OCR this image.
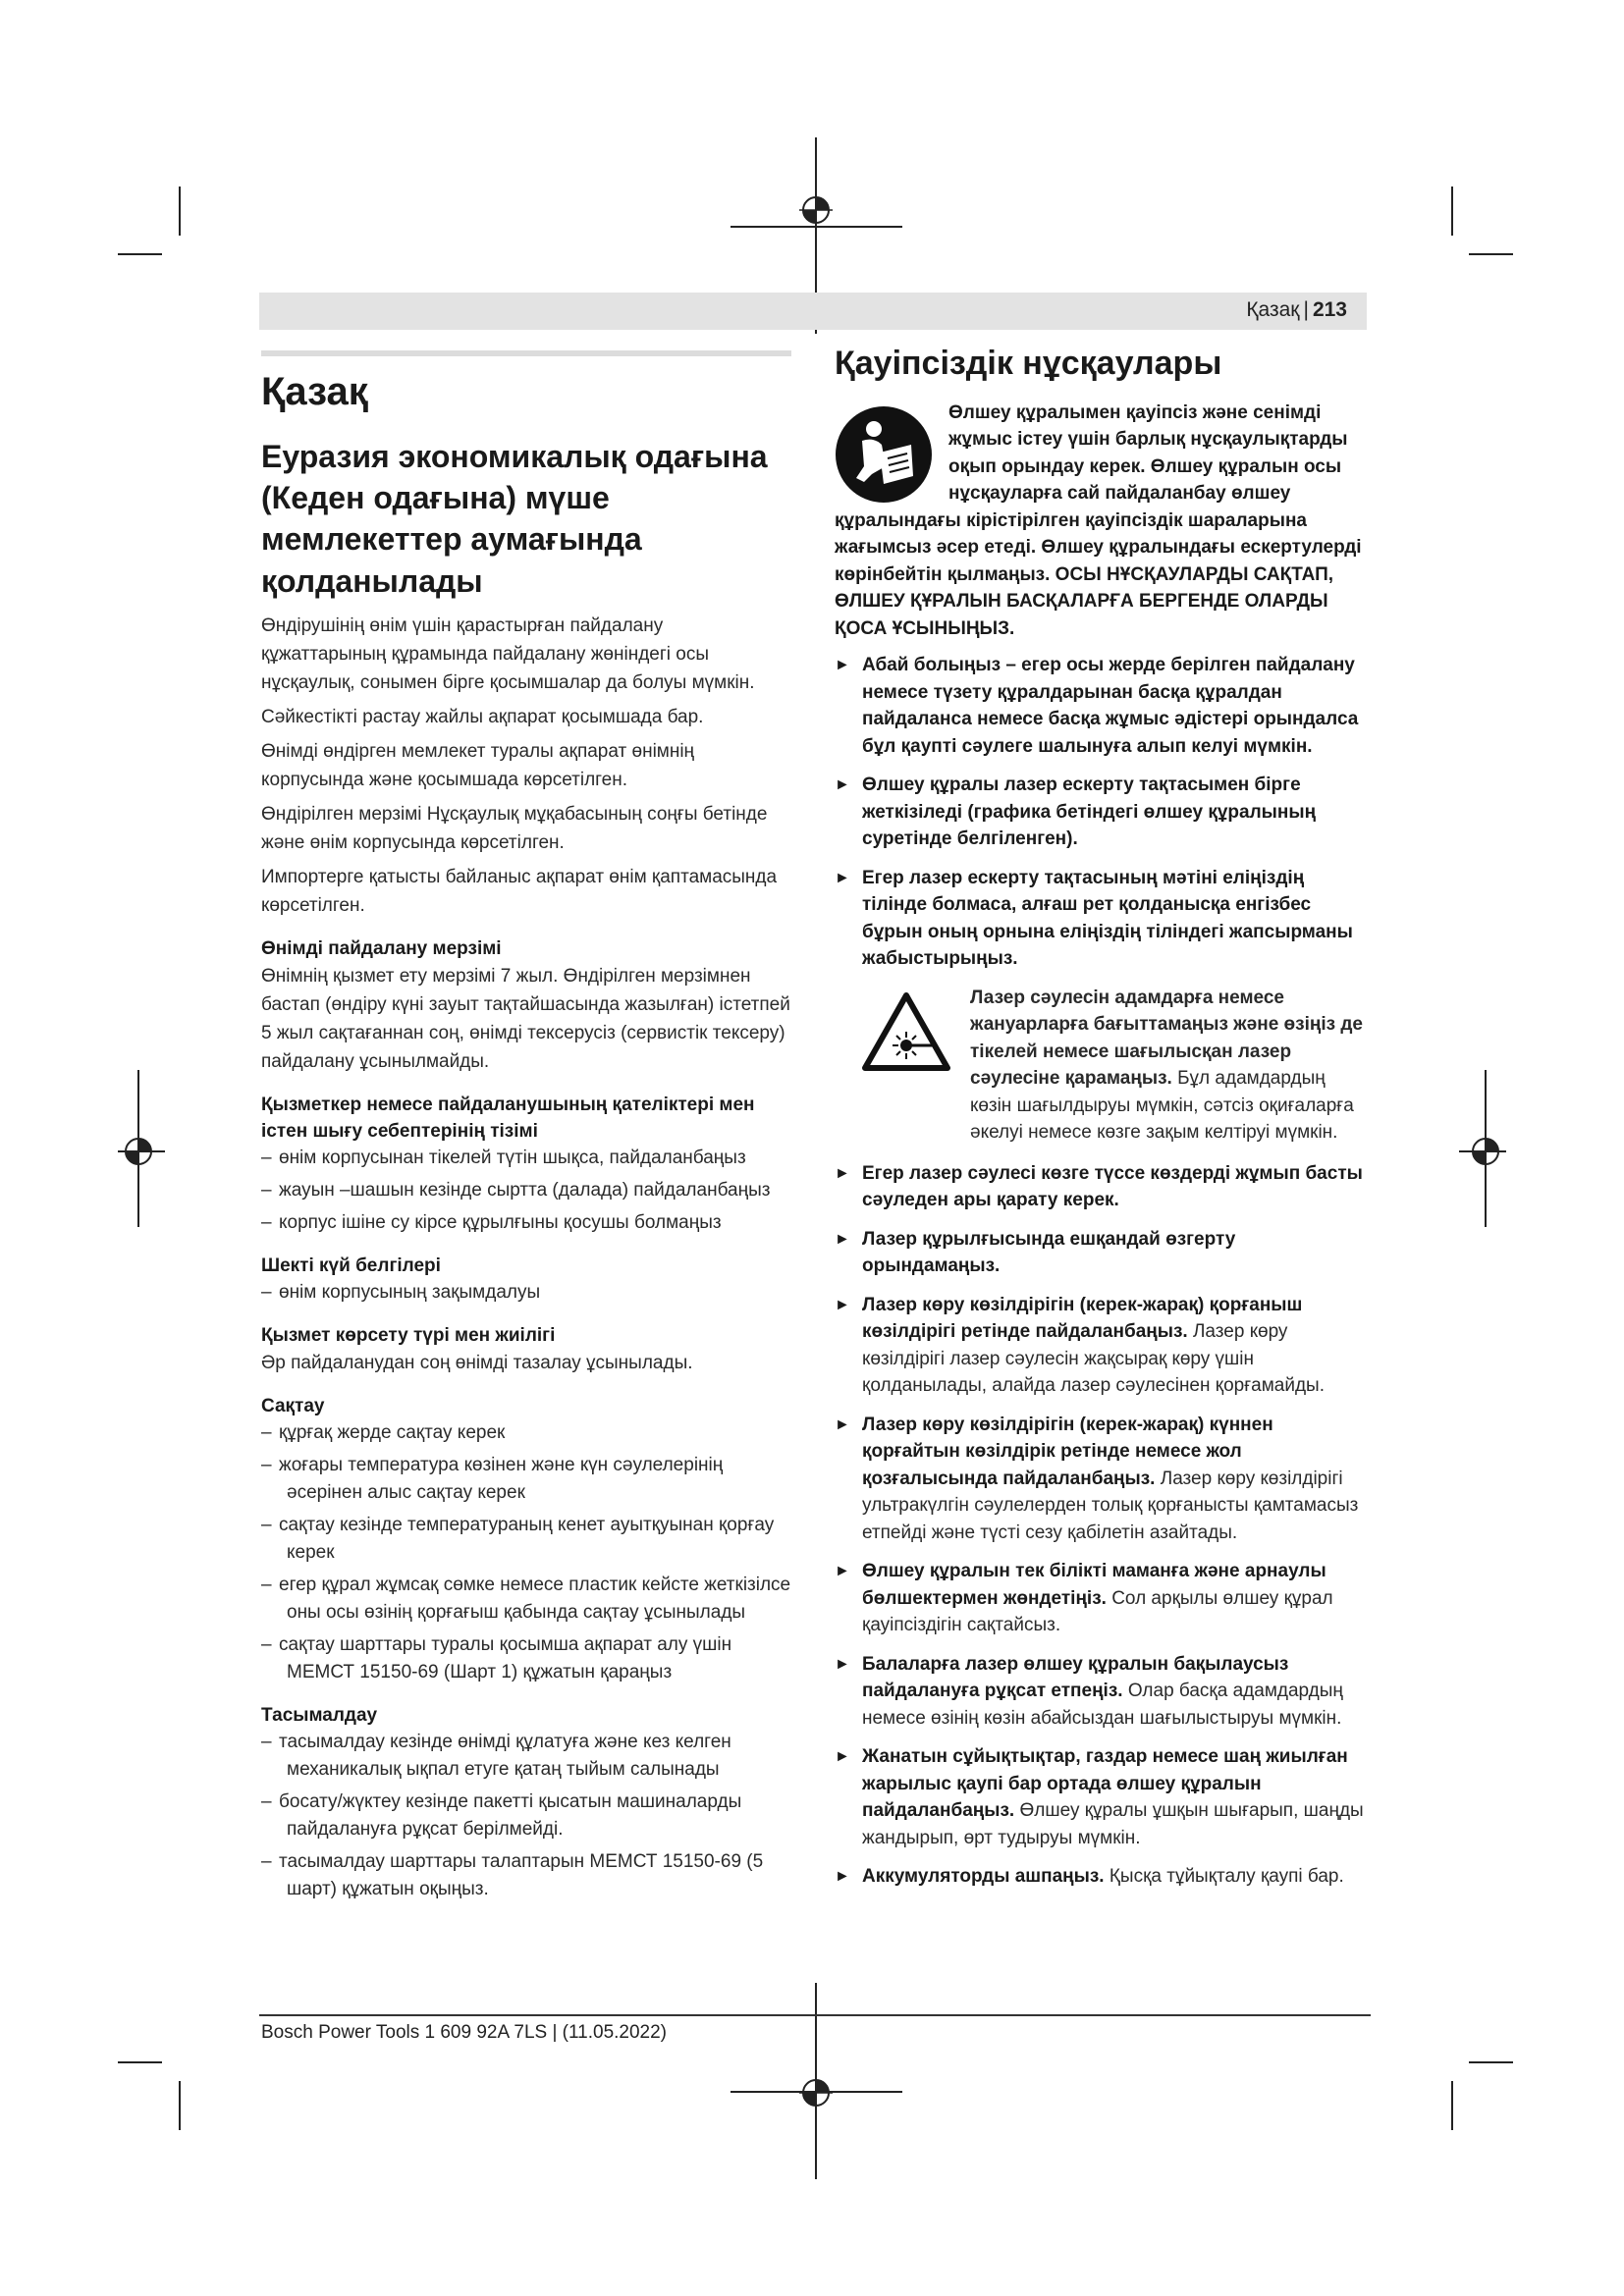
Қазақ | 213
Қазақ
Еуразия экономикалық одағына (Кеден одағына) мүше мемлекеттер аумағында қолданылады

Өндірушінің өнім үшін қарастырған пайдалану құжаттарының құрамында пайдалану жөніндегі осы нұсқаулық, сонымен бірге қосымшалар да болуы мүмкін.

Сәйкестікті растау жайлы ақпарат қосымшада бар.

Өнімді өндірген мемлекет туралы ақпарат өнімнің корпусында және қосымшада көрсетілген.

Өндірілген мерзімі Нұсқаулық мұқабасының соңғы бетінде және өнім корпусында көрсетілген.

Импортерге қатысты байланыс ақпарат өнім қаптамасында көрсетілген.

Өнімді пайдалану мерзімі

Өнімнің қызмет ету мерзімі 7 жыл. Өндірілген мерзімнен бастап (өндіру күні зауыт тақтайшасында жазылған) істетпей 5 жыл сақтағаннан соң, өнімді тексерусіз (сервистік тексеру) пайдалану ұсынылмайды.

Қызметкер немесе пайдаланушының қателіктері мен істен шығу себептерінің тізімі
– өнім корпусынан тікелей түтін шықса, пайдаланбаңыз
– жауын –шашын кезінде сыртта (далада) пайдаланбаңыз
– корпус ішіне су кірсе құрылғыны қосушы болмаңыз
Шекті күй белгілері
– өнім корпусының зақымдалуы
Қызмет көрсету түрі мен жиілігі

Әр пайдаланудан соң өнімді тазалау ұсынылады.

Сақтау
– құрғақ жерде сақтау керек
– жоғары температура көзінен және күн сәулелерінің әсерінен алыс сақтау керек
– сақтау кезінде температураның кенет ауытқуынан қорғау керек
– егер құрал жұмсақ сөмке немесе пластик кейсте жеткізілсе оны осы өзінің қорғағыш қабында сақтау ұсынылады
– сақтау шарттары туралы қосымша ақпарат алу үшін МЕМСТ 15150-69 (Шарт 1) құжатын қараңыз
Тасымалдау
– тасымалдау кезінде өнімді құлатуға және кез келген механикалық ықпал етуге қатаң тыйым салынады
– босату/жүктеу кезінде пакетті қысатын машиналарды пайдалануға рұқсат берілмейді.
– тасымалдау шарттары талаптарын МЕМСТ 15150-69 (5 шарт) құжатын оқыңыз.
Қауіпсіздік нұсқаулары

Өлшеу құралымен қауіпсіз және сенімді жұмыс істеу үшін барлық нұсқаулықтарды оқып орындау керек. Өлшеу құралын осы нұсқауларға сай пайдаланбау өлшеу құралындағы кірістірілген қауіпсіздік шараларына жағымсыз әсер етеді. Өлшеу құралындағы ескертулерді көрінбейтін қылмаңыз. ОСЫ НҰСҚАУЛАРДЫ САҚТАП, ӨЛШЕУ ҚҰРАЛЫН БАСҚАЛАРҒА БЕРГЕНДЕ ОЛАРДЫ ҚОСА ҰСЫНЫҢЫЗ.

► Абай болыңыз – егер осы жерде берілген пайдалану немесе түзету құралдарынан басқа құралдан пайдаланса немесе басқа жұмыс әдістері орындалса бұл қаупті сәулеге шалынуға алып келуі мүмкін.
► Өлшеу құралы лазер ескерту тақтасымен бірге жеткізіледі (графика бетіндегі өлшеу құралының суретінде белгіленген).
► Егер лазер ескерту тақтасының мәтіні еліңіздің тілінде болмаса, алғаш рет қолданысқа енгізбес бұрын оның орнына еліңіздің тіліндегі жапсырманы жабыстырыңыз.
Лазер сәулесін адамдарға немесе жануарларға бағыттамаңыз және өзіңіз де тікелей немесе шағылысқан лазер сәулесіне қарамаңыз. Бұл адамдардың көзін шағылдыруы мүмкін, сәтсіз оқиғаларға әкелуі немесе көзге зақым келтіруі мүмкін.
► Егер лазер сәулесі көзге түссе көздерді жұмып басты сәуледен ары қарату керек.
► Лазер құрылғысында ешқандай өзгерту орындамаңыз.
► Лазер көру көзілдірігін (керек-жарақ) қорғаныш көзілдірігі ретінде пайдаланбаңыз. Лазер көру көзілдірігі лазер сәулесін жақсырақ көру үшін қолданылады, алайда лазер сәулесінен қорғамайды.
► Лазер көру көзілдірігін (керек-жарақ) күннен қорғайтын көзілдірік ретінде немесе жол қозғалысында пайдаланбаңыз. Лазер көру көзілдірігі ультракүлгін сәулелерден толық қорғанысты қамтамасыз етпейді және түсті сезу қабілетін азайтады.
► Өлшеу құралын тек білікті маманға және арнаулы бөлшектермен жөндетіңіз. Сол арқылы өлшеу құрал қауіпсіздігін сақтайсыз.
► Балаларға лазер өлшеу құралын бақылаусыз пайдалануға рұқсат етпеңіз. Олар басқа адамдардың немесе өзінің көзін абайсыздан шағылыстыруы мүмкін.
► Жанатын сұйықтықтар, газдар немесе шаң жиылған жарылыс қаупі бар ортада өлшеу құралын пайдаланбаңыз. Өлшеу құралы ұшқын шығарып, шаңды жандырып, өрт тудыруы мүмкін.
► Аккумуляторды ашпаңыз. Қысқа тұйықталу қаупі бар.
Bosch Power Tools 1 609 92A 7LS | (11.05.2022)
